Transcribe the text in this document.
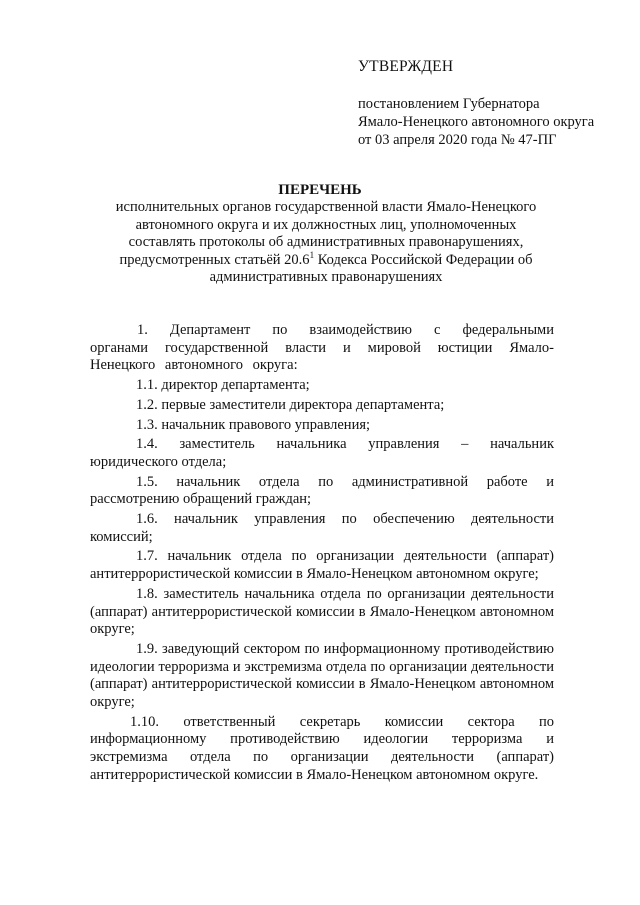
УТВЕРЖДЕН
постановлением Губернатора
Ямало-Ненецкого автономного округа
от 03 апреля 2020 года № 47-ПГ
ПЕРЕЧЕНЬ
исполнительных органов государственной власти Ямало-Ненецкого
автономного округа и их должностных лиц, уполномоченных
составлять протоколы об административных правонарушениях,
предусмотренных статьёй 20.6$^1$ Кодекса Российской Федерации об
административных правонарушениях

1. Департамент по взаимодействию с федеральными органами государственной власти и мировой юстиции Ямало-Ненецкого автономного округа:

1.1. директор департамента;

1.2. первые заместители директора департамента;

1.3. начальник правового управления;

1.4. заместитель начальника управления – начальник юридического отдела;

1.5. начальник отдела по административной работе и рассмотрению обращений граждан;

1.6. начальник управления по обеспечению деятельности комиссий;

1.7. начальник отдела по организации деятельности (аппарат) антитеррористической комиссии в Ямало-Ненецком автономном округе;

1.8. заместитель начальника отдела по организации деятельности (аппарат) антитеррористической комиссии в Ямало-Ненецком автономном округе;

1.9. заведующий сектором по информационному противодействию идеологии терроризма и экстремизма отдела по организации деятельности (аппарат) антитеррористической комиссии в Ямало-Ненецком автономном округе;

1.10. ответственный секретарь комиссии сектора по информационному противодействию идеологии терроризма и экстремизма отдела по организации деятельности (аппарат) антитеррористической комиссии в Ямало-Ненецком автономном округе.
